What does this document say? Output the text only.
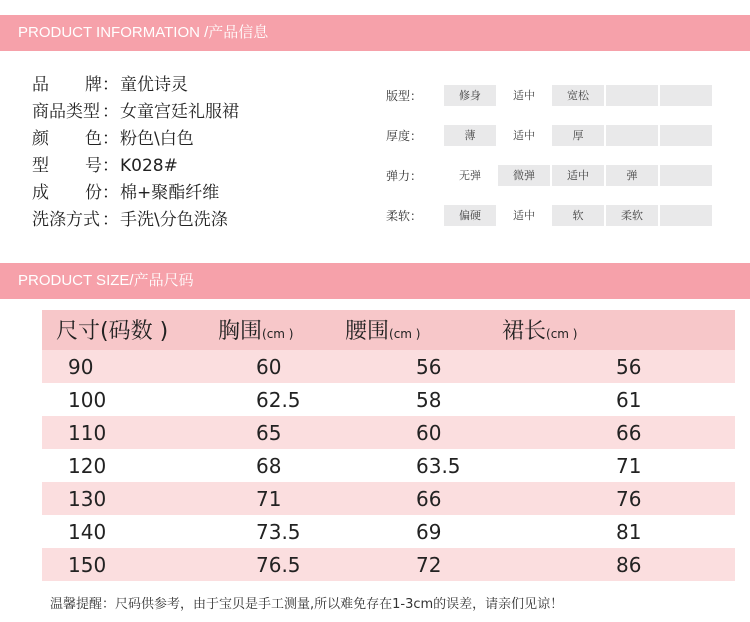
PRODUCT INFORMATION /产品信息
品 牌 ： 童优诗灵
商品类型 ： 女童宫廷礼服裙
颜 色 ： 粉色\白色
型 号 ： K028#
成 份 ： 棉+聚酯纤维
洗涤方式 ： 手洗\分色洗涤
版型：	修身	适中	宽松
厚度：	薄	适中	厚
弹力：	无弹	微弹	适中	弹
柔软：	偏硬	适中	软	柔软
PRODUCT SIZE/产品尺码
尺寸(码数 ) 胸围(cm ) 腰围(cm )	裙长(cm )
90	60	56	56
100	62.5	58	61
110	65	60	66
120	68	63.5	71
130	71	66	76
140	73.5	69	81
150	76.5	72	86
温馨提醒：尺码供参考，由于宝贝是手工测量,所以难免存在1-3cm的误差，请亲们见谅！
